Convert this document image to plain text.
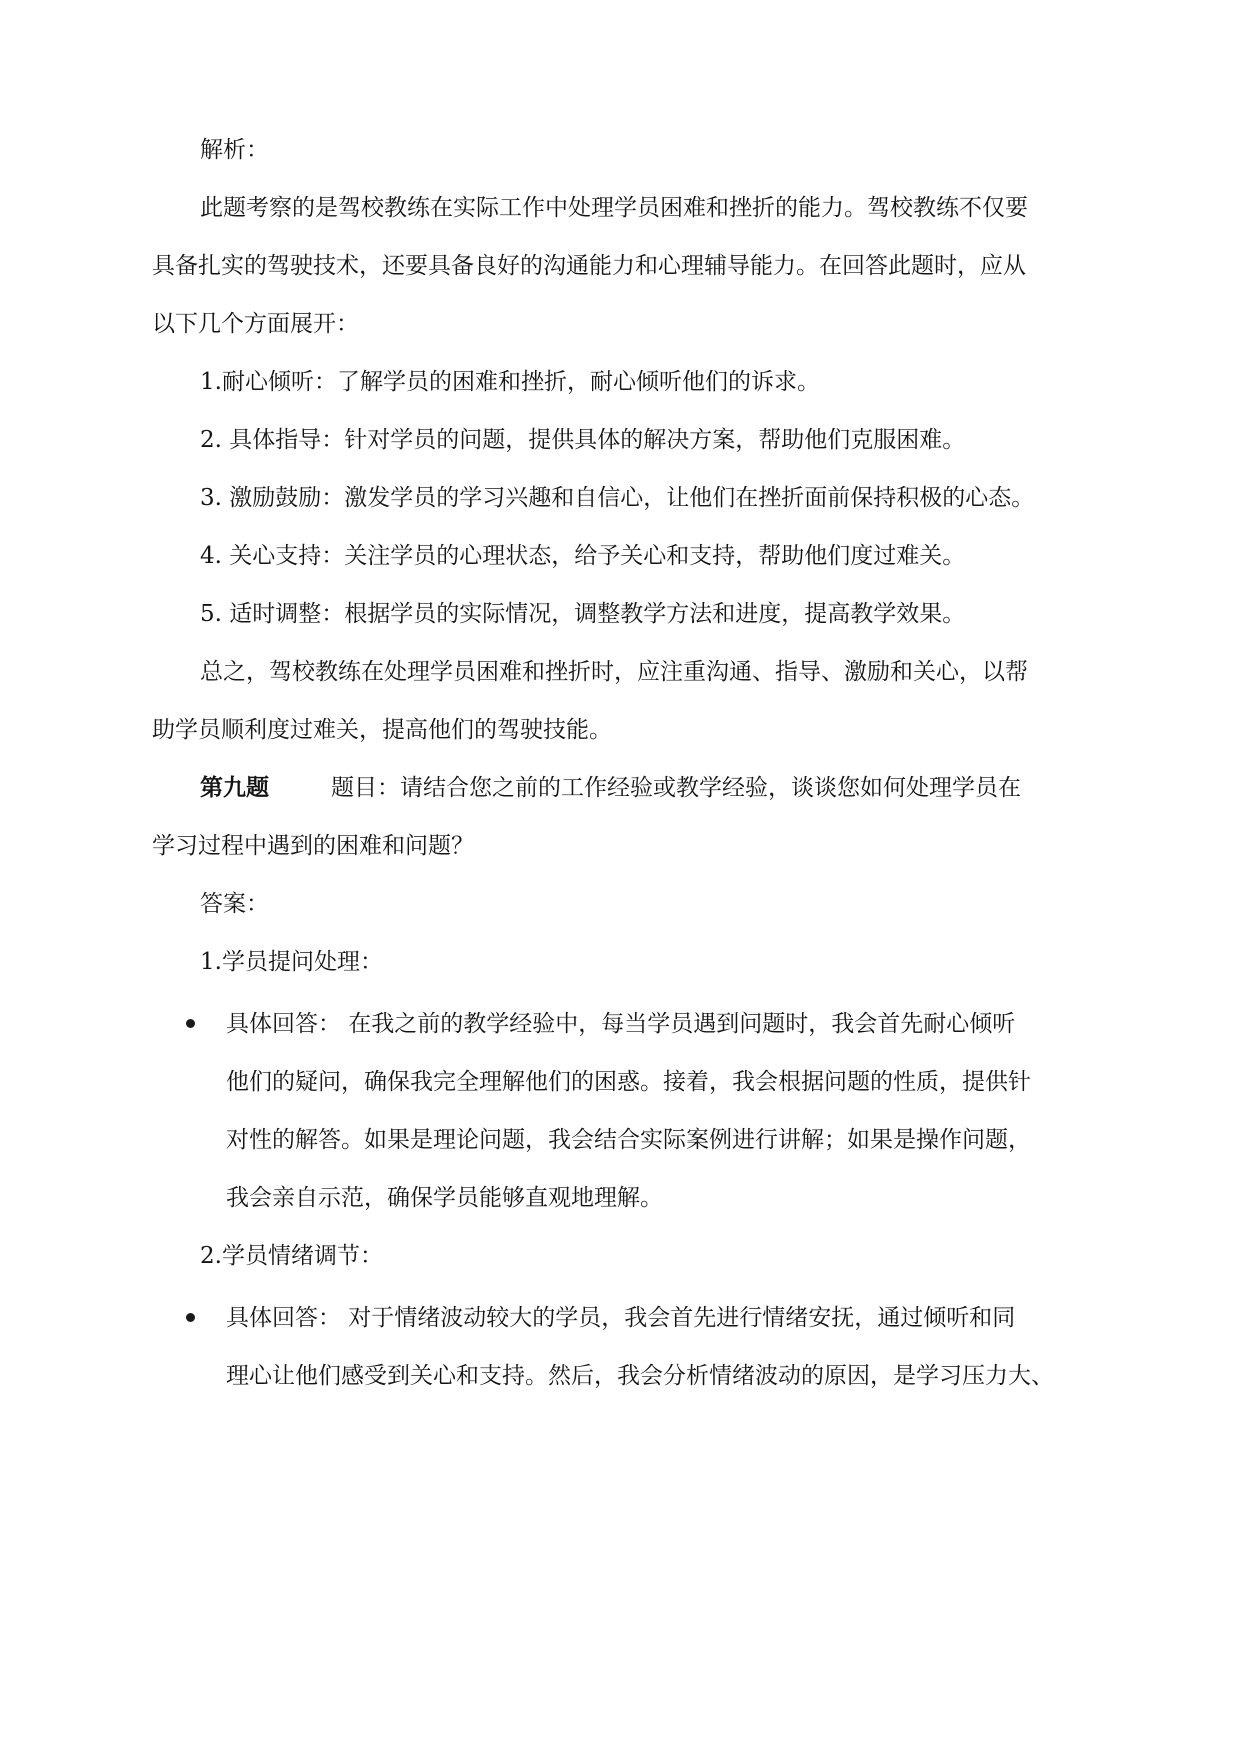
解析：
此题考察的是驾校教练在实际工作中处理学员困难和挫折的能力。驾校教练不仅要
具备扎实的驾驶技术，还要具备良好的沟通能力和心理辅导能力。在回答此题时，应从
以下几个方面展开：
1.耐心倾听：了解学员的困难和挫折，耐心倾听他们的诉求。
2. 具体指导：针对学员的问题，提供具体的解决方案，帮助他们克服困难。
3. 激励鼓励：激发学员的学习兴趣和自信心，让他们在挫折面前保持积极的心态。
4. 关心支持：关注学员的心理状态，给予关心和支持，帮助他们度过难关。
5. 适时调整：根据学员的实际情况，调整教学方法和进度，提高教学效果。
总之，驾校教练在处理学员困难和挫折时，应注重沟通、指导、激励和关心，以帮
助学员顺利度过难关，提高他们的驾驶技能。
第九题	题目：请结合您之前的工作经验或教学经验，谈谈您如何处理学员在
学习过程中遇到的困难和问题？
答案：
1.学员提问处理：
具体回答： 在我之前的教学经验中，每当学员遇到问题时，我会首先耐心倾听
他们的疑问，确保我完全理解他们的困惑。接着，我会根据问题的性质，提供针
对性的解答。如果是理论问题，我会结合实际案例进行讲解；如果是操作问题，
我会亲自示范，确保学员能够直观地理解。
2.学员情绪调节：
具体回答： 对于情绪波动较大的学员，我会首先进行情绪安抚，通过倾听和同
理心让他们感受到关心和支持。然后，我会分析情绪波动的原因，是学习压力大、
